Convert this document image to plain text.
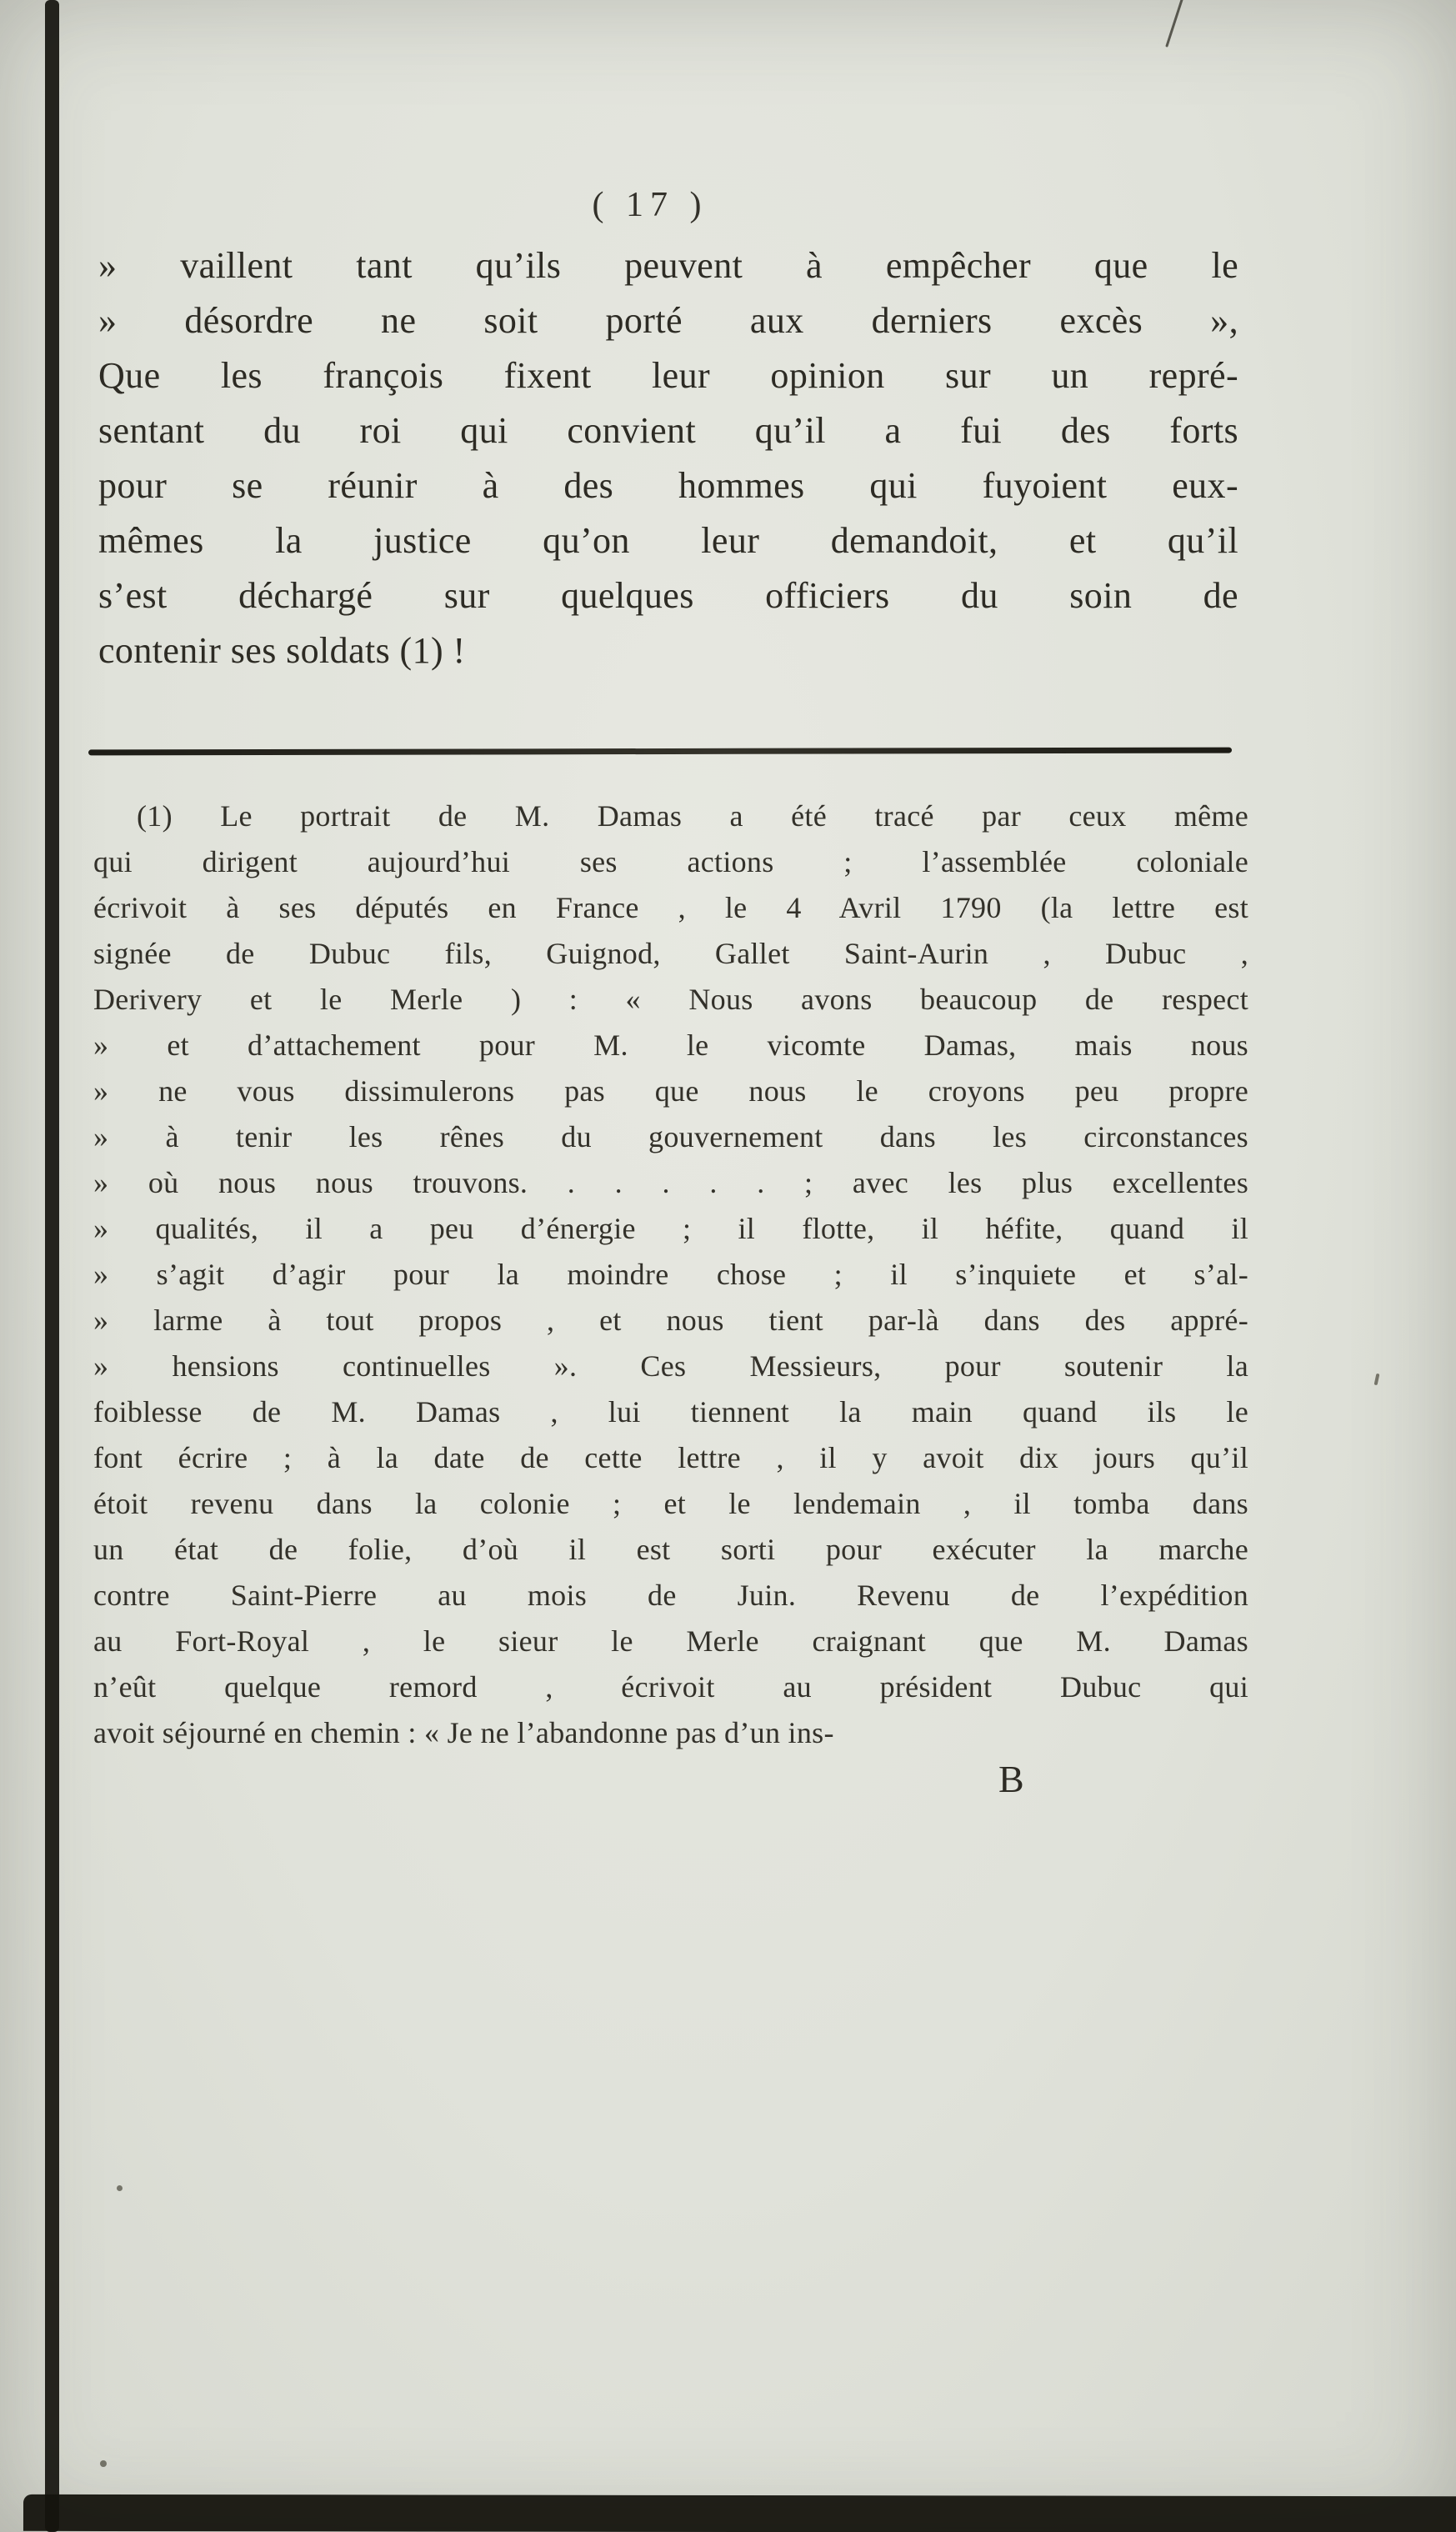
( 17 )
» vaillent tant qu’ils peuvent à empêcher que le
» désordre ne soit porté aux derniers excès »,
Que les françois fixent leur opinion sur un repré-
sentant du roi qui convient qu’il a fui des forts
pour se réunir à des hommes qui fuyoient eux-
mêmes la justice qu’on leur demandoit, et qu’il
s’est déchargé sur quelques officiers du soin de
contenir ses soldats (1) !
(1) Le portrait de M. Damas a été tracé par ceux même
qui dirigent aujourd’hui ses actions ; l’assemblée coloniale
écrivoit à ses députés en France , le 4 Avril 1790 (la lettre est
signée de Dubuc fils, Guignod, Gallet Saint-Aurin , Dubuc ,
Derivery et le Merle ) : « Nous avons beaucoup de respect
» et d’attachement pour M. le vicomte Damas, mais nous
» ne vous dissimulerons pas que nous le croyons peu propre
» à tenir les rênes du gouvernement dans les circonstances
» où nous nous trouvons. . . . . . ; avec les plus excellentes
» qualités, il a peu d’énergie ; il flotte, il héfite, quand il
» s’agit d’agir pour la moindre chose ; il s’inquiete et s’al-
» larme à tout propos , et nous tient par-là dans des appré-
» hensions continuelles ». Ces Messieurs, pour soutenir la
foiblesse de M. Damas , lui tiennent la main quand ils le
font écrire ; à la date de cette lettre , il y avoit dix jours qu’il
étoit revenu dans la colonie ; et le lendemain , il tomba dans
un état de folie, d’où il est sorti pour exécuter la marche
contre Saint-Pierre au mois de Juin. Revenu de l’expédition
au Fort-Royal , le sieur le Merle craignant que M. Damas
n’eût quelque remord , écrivoit au président Dubuc qui
avoit séjourné en chemin : « Je ne l’abandonne pas d’un ins-
B
